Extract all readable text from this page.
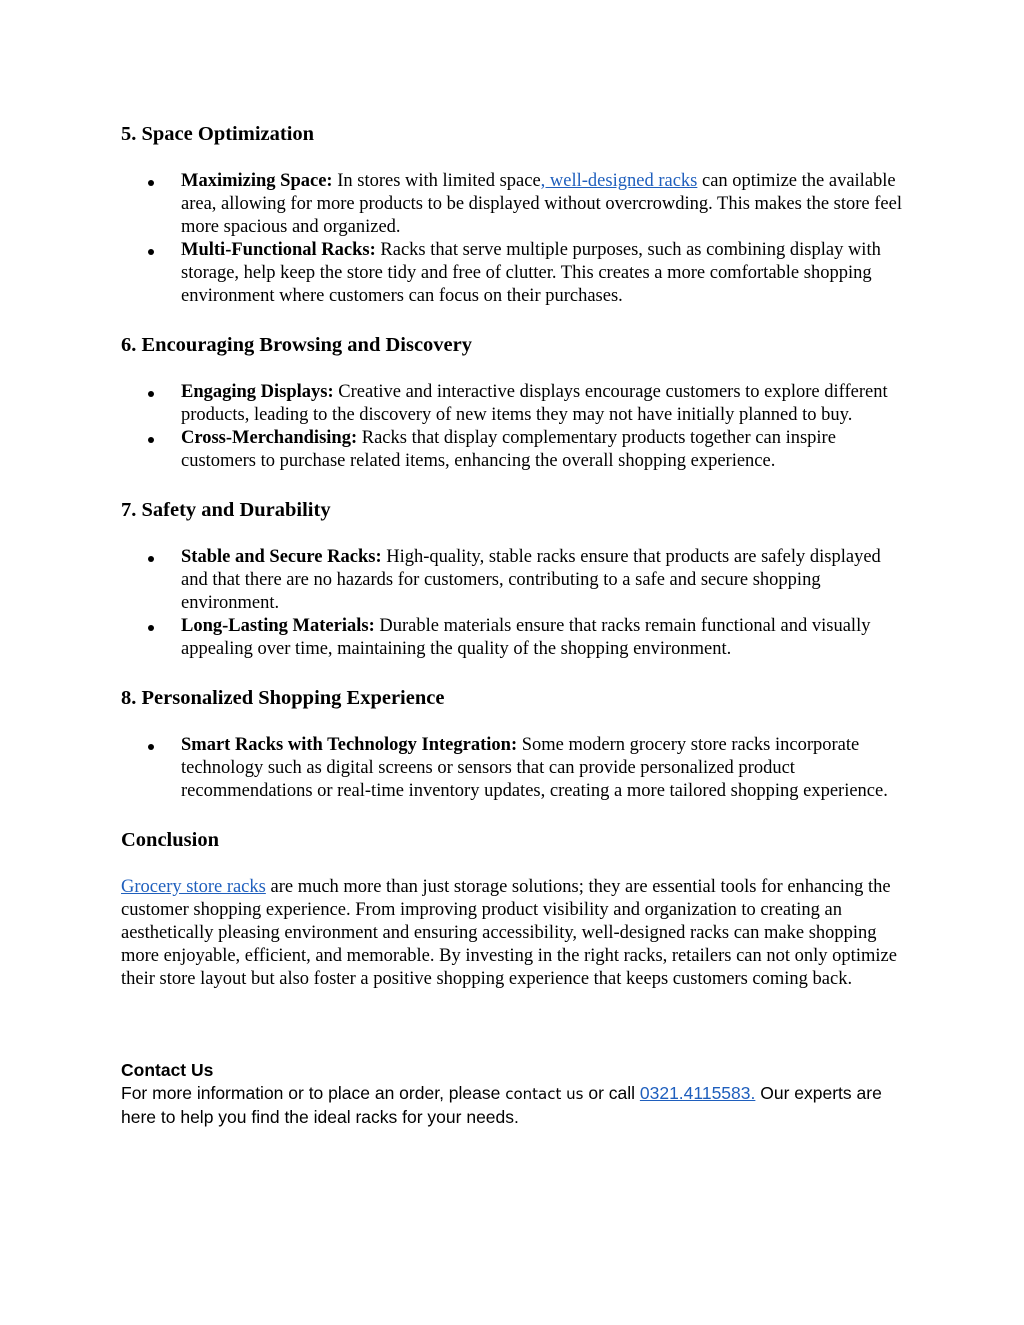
5. Space Optimization
Maximizing Space: In stores with limited space, well-designed racks can optimize the available area, allowing for more products to be displayed without overcrowding. This makes the store feel more spacious and organized.
Multi-Functional Racks: Racks that serve multiple purposes, such as combining display with storage, help keep the store tidy and free of clutter. This creates a more comfortable shopping environment where customers can focus on their purchases.
6. Encouraging Browsing and Discovery
Engaging Displays: Creative and interactive displays encourage customers to explore different products, leading to the discovery of new items they may not have initially planned to buy.
Cross-Merchandising: Racks that display complementary products together can inspire customers to purchase related items, enhancing the overall shopping experience.
7. Safety and Durability
Stable and Secure Racks: High-quality, stable racks ensure that products are safely displayed and that there are no hazards for customers, contributing to a safe and secure shopping environment.
Long-Lasting Materials: Durable materials ensure that racks remain functional and visually appealing over time, maintaining the quality of the shopping environment.
8. Personalized Shopping Experience
Smart Racks with Technology Integration: Some modern grocery store racks incorporate technology such as digital screens or sensors that can provide personalized product recommendations or real-time inventory updates, creating a more tailored shopping experience.
Conclusion

Grocery store racks are much more than just storage solutions; they are essential tools for enhancing the customer shopping experience. From improving product visibility and organization to creating an aesthetically pleasing environment and ensuring accessibility, well-designed racks can make shopping more enjoyable, efficient, and memorable. By investing in the right racks, retailers can not only optimize their store layout but also foster a positive shopping experience that keeps customers coming back.

Contact Us
For more information or to place an order, please contact us or call 0321.4115583. Our experts are here to help you find the ideal racks for your needs.
